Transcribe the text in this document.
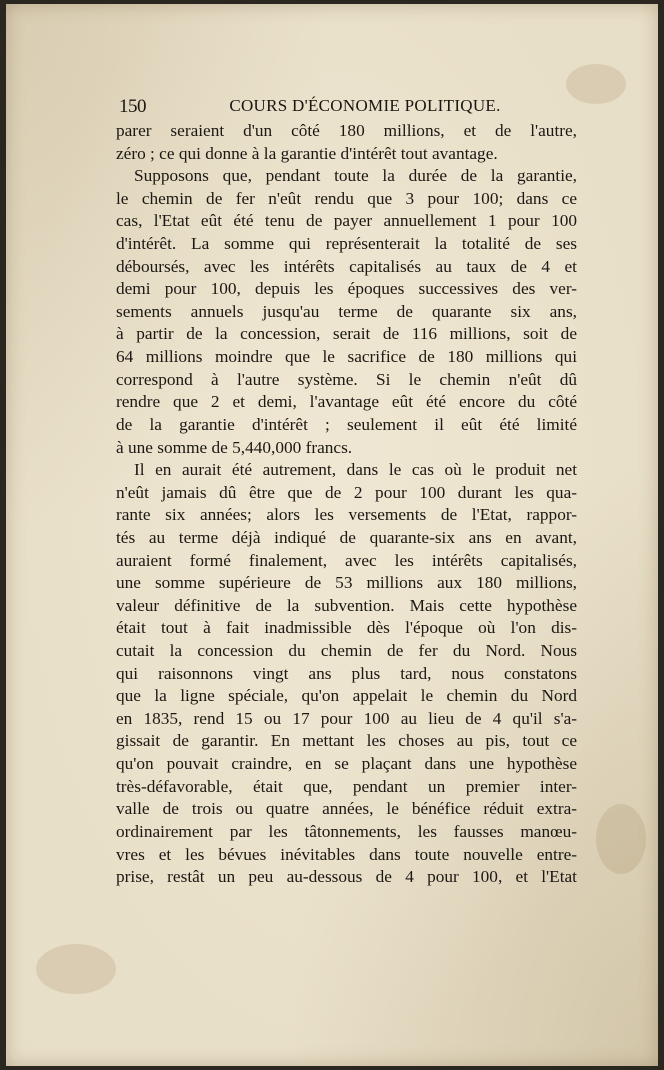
150	COURS D'ÉCONOMIE POLITIQUE.
parer seraient d'un côté 180 millions, et de l'autre,
zéro ; ce qui donne à la garantie d'intérêt tout avantage.
Supposons que, pendant toute la durée de la garantie,
le chemin de fer n'eût rendu que 3 pour 100; dans ce
cas, l'Etat eût été tenu de payer annuellement 1 pour 100
d'intérêt. La somme qui représenterait la totalité de ses
déboursés, avec les intérêts capitalisés au taux de 4 et
demi pour 100, depuis les époques successives des ver-
sements annuels jusqu'au terme de quarante six ans,
à partir de la concession, serait de 116 millions, soit de
64 millions moindre que le sacrifice de 180 millions qui
correspond à l'autre système. Si le chemin n'eût dû
rendre que 2 et demi, l'avantage eût été encore du côté
de la garantie d'intérêt ; seulement il eût été limité
à une somme de 5,440,000 francs.
Il en aurait été autrement, dans le cas où le produit net
n'eût jamais dû être que de 2 pour 100 durant les qua-
rante six années; alors les versements de l'Etat, rappor-
tés au terme déjà indiqué de quarante-six ans en avant,
auraient formé finalement, avec les intérêts capitalisés,
une somme supérieure de 53 millions aux 180 millions,
valeur définitive de la subvention. Mais cette hypothèse
était tout à fait inadmissible dès l'époque où l'on dis-
cutait la concession du chemin de fer du Nord. Nous
qui raisonnons vingt ans plus tard, nous constatons
que la ligne spéciale, qu'on appelait le chemin du Nord
en 1835, rend 15 ou 17 pour 100 au lieu de 4 qu'il s'a-
gissait de garantir. En mettant les choses au pis, tout ce
qu'on pouvait craindre, en se plaçant dans une hypothèse
très-défavorable, était que, pendant un premier inter-
valle de trois ou quatre années, le bénéfice réduit extra-
ordinairement par les tâtonnements, les fausses manœu-
vres et les bévues inévitables dans toute nouvelle entre-
prise, restât un peu au-dessous de 4 pour 100, et l'Etat
